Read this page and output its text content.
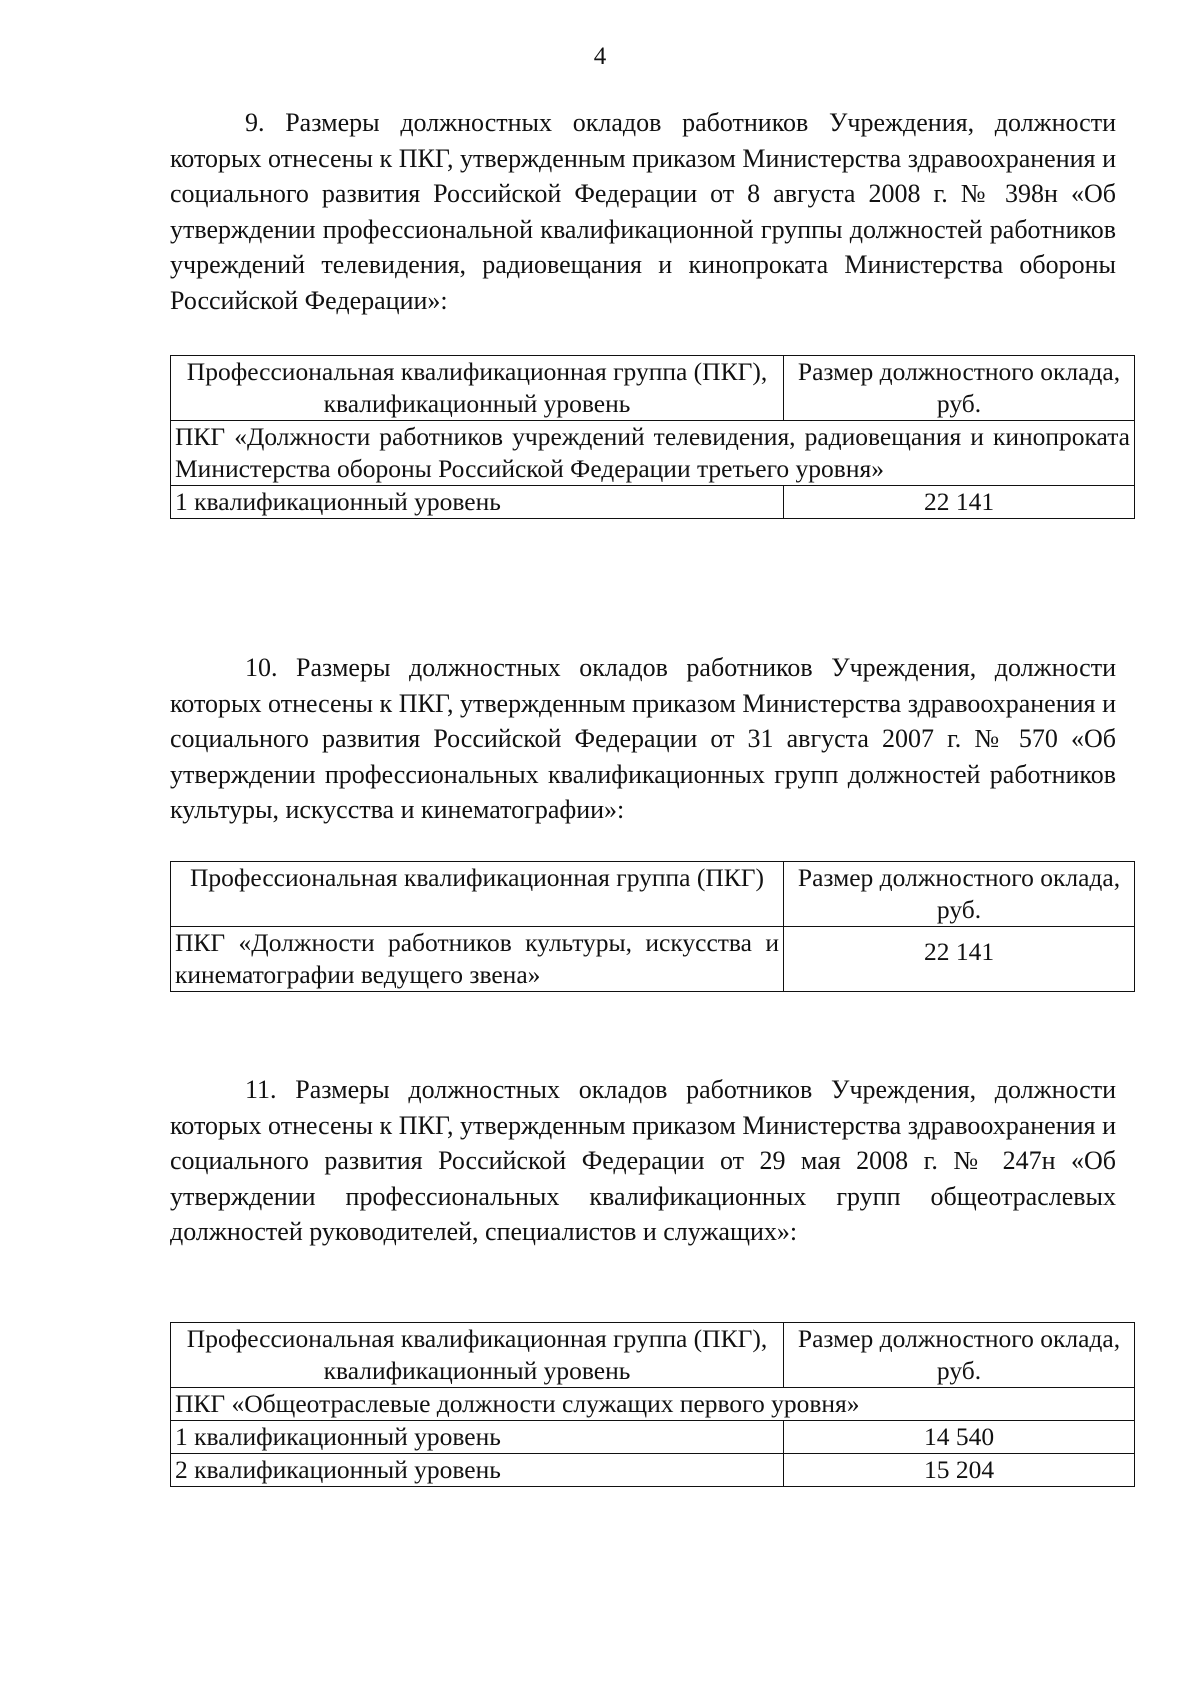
4

9. Размеры должностных окладов работников Учреждения, должности которых отнесены к ПКГ, утвержденным приказом Министерства здравоохранения и социального развития Российской Федерации от 8 августа 2008 г. № 398н «Об утверждении профессиональной квалификационной группы должностей работников учреждений телевидения, радиовещания и кинопроката Министерства обороны Российской Федерации»:

Профессиональная квалификационная группа (ПКГ), квалификационный уровень	Размер должностного оклада, руб.
ПКГ «Должности работников учреждений телевидения, радиовещания и кинопроката Министерства обороны Российской Федерации третьего уровня»	
1 квалификационный уровень	22 141

10. Размеры должностных окладов работников Учреждения, должности которых отнесены к ПКГ, утвержденным приказом Министерства здравоохранения и социального развития Российской Федерации от 31 августа 2007 г. № 570 «Об утверждении профессиональных квалификационных групп должностей работников культуры, искусства и кинематографии»:

Профессиональная квалификационная группа (ПКГ)	Размер должностного оклада, руб.
ПКГ «Должности работников культуры, искусства и кинематографии ведущего звена»	22 141

11. Размеры должностных окладов работников Учреждения, должности которых отнесены к ПКГ, утвержденным приказом Министерства здравоохранения и социального развития Российской Федерации от 29 мая 2008 г. № 247н «Об утверждении профессиональных квалификационных групп общеотраслевых должностей руководителей, специалистов и служащих»:

Профессиональная квалификационная группа (ПКГ), квалификационный уровень	Размер должностного оклада, руб.
ПКГ «Общеотраслевые должности служащих первого уровня»	
1 квалификационный уровень	14 540
2 квалификационный уровень	15 204
